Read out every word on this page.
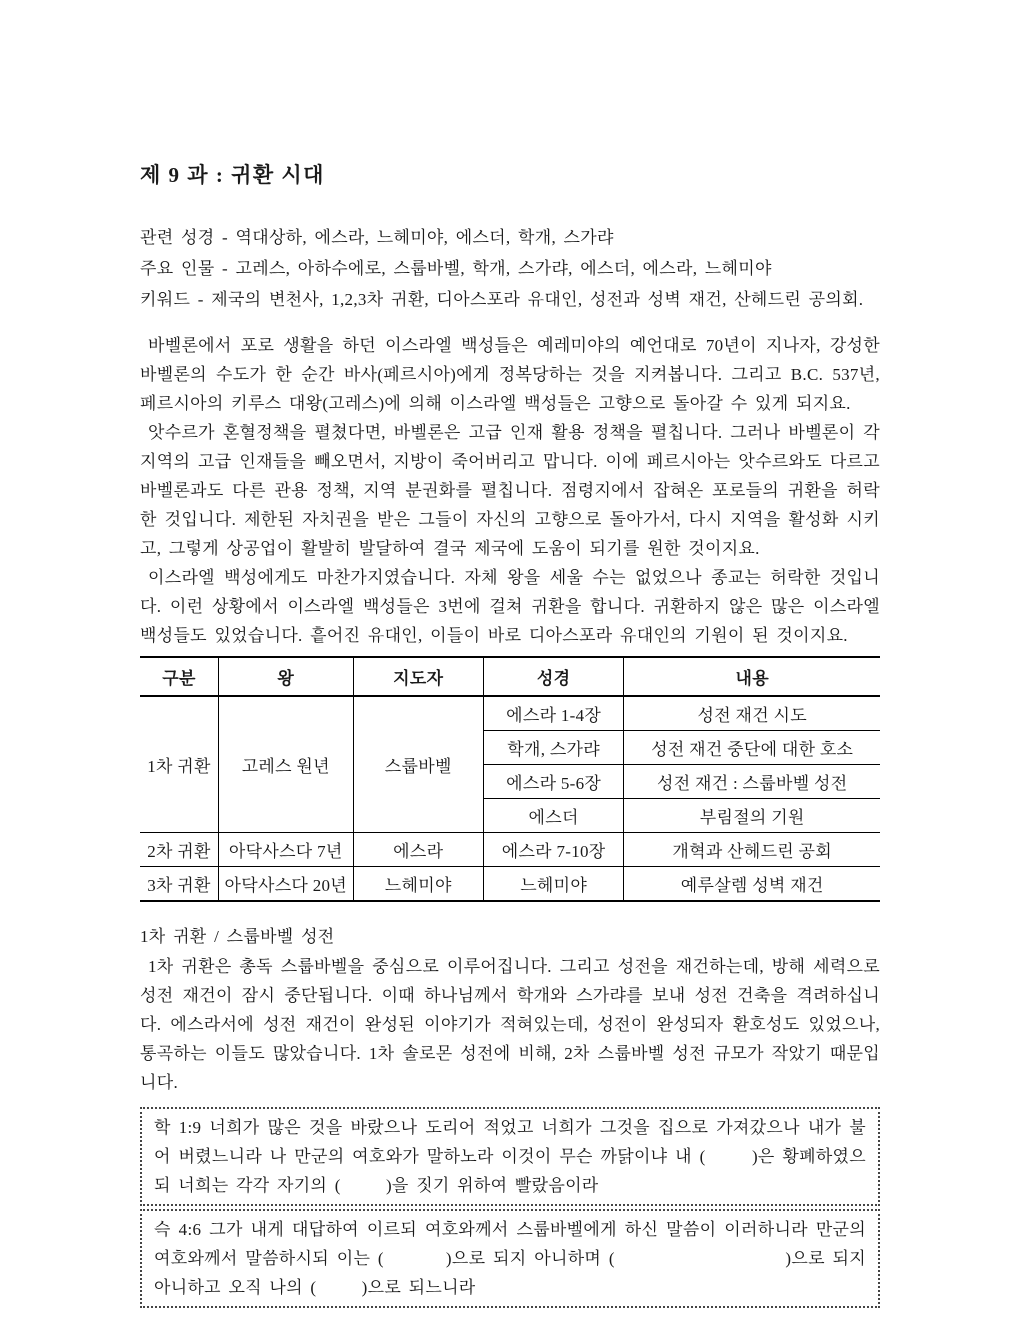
제 9 과 : 귀환 시대

관련 성경 - 역대상하, 에스라, 느헤미야, 에스더, 학개, 스가랴

주요 인물 - 고레스, 아하수에로, 스룹바벨, 학개, 스가랴, 에스더, 에스라, 느헤미야

키워드 - 제국의 변천사, 1,2,3차 귀환, 디아스포라 유대인, 성전과 성벽 재건, 산헤드린 공의회.

바벨론에서 포로 생활을 하던 이스라엘 백성들은 예레미야의 예언대로 70년이 지나자, 강성한 바벨론의 수도가 한 순간 바사(페르시아)에게 정복당하는 것을 지켜봅니다. 그리고 B.C. 537년, 페르시아의 키루스 대왕(고레스)에 의해 이스라엘 백성들은 고향으로 돌아갈 수 있게 되지요.

앗수르가 혼혈정책을 펼쳤다면, 바벨론은 고급 인재 활용 정책을 펼칩니다. 그러나 바벨론이 각 지역의 고급 인재들을 빼오면서, 지방이 죽어버리고 맙니다. 이에 페르시아는 앗수르와도 다르고 바벨론과도 다른 관용 정책, 지역 분권화를 펼칩니다. 점령지에서 잡혀온 포로들의 귀환을 허락한 것입니다. 제한된 자치권을 받은 그들이 자신의 고향으로 돌아가서, 다시 지역을 활성화 시키고, 그렇게 상공업이 활발히 발달하여 결국 제국에 도움이 되기를 원한 것이지요.

이스라엘 백성에게도 마찬가지였습니다. 자체 왕을 세울 수는 없었으나 종교는 허락한 것입니다. 이런 상황에서 이스라엘 백성들은 3번에 걸쳐 귀환을 합니다. 귀환하지 않은 많은 이스라엘 백성들도 있었습니다. 흩어진 유대인, 이들이 바로 디아스포라 유대인의 기원이 된 것이지요.

구분	왕	지도자	성경	내용
1차 귀환	고레스 원년	스룹바벨	에스라 1-4장	성전 재건 시도
			학개, 스가랴	성전 재건 중단에 대한 호소
			에스라 5-6장	성전 재건 : 스룹바벨 성전
			에스더	부림절의 기원
2차 귀환	아닥사스다 7년	에스라	에스라 7-10장	개혁과 산헤드린 공회
3차 귀환	아닥사스다 20년	느헤미야	느헤미야	예루살렘 성벽 재건

1차 귀환 / 스룹바벨 성전

1차 귀환은 총독 스룹바벨을 중심으로 이루어집니다. 그리고 성전을 재건하는데, 방해 세력으로 성전 재건이 잠시 중단됩니다. 이때 하나님께서 학개와 스가랴를 보내 성전 건축을 격려하십니다. 에스라서에 성전 재건이 완성된 이야기가 적혀있는데, 성전이 완성되자 환호성도 있었으나, 통곡하는 이들도 많았습니다. 1차 솔로몬 성전에 비해, 2차 스룹바벨 성전 규모가 작았기 때문입니다.

학 1:9 너희가 많은 것을 바랐으나 도리어 적었고 너희가 그것을 집으로 가져갔으나 내가 불어 버렸느니라 나 만군의 여호와가 말하노라 이것이 무슨 까닭이냐 내 (      )은 황폐하였으되 너희는 각각 자기의 (      )을 짓기 위하여 빨랐음이라
슥 4:6 그가 내게 대답하여 이르되 여호와께서 스룹바벨에게 하신 말씀이 이러하니라 만군의 여호와께서 말씀하시되 이는 (        )으로 되지 아니하며 (                      )으로 되지 아니하고 오직 나의 (      )으로 되느니라
